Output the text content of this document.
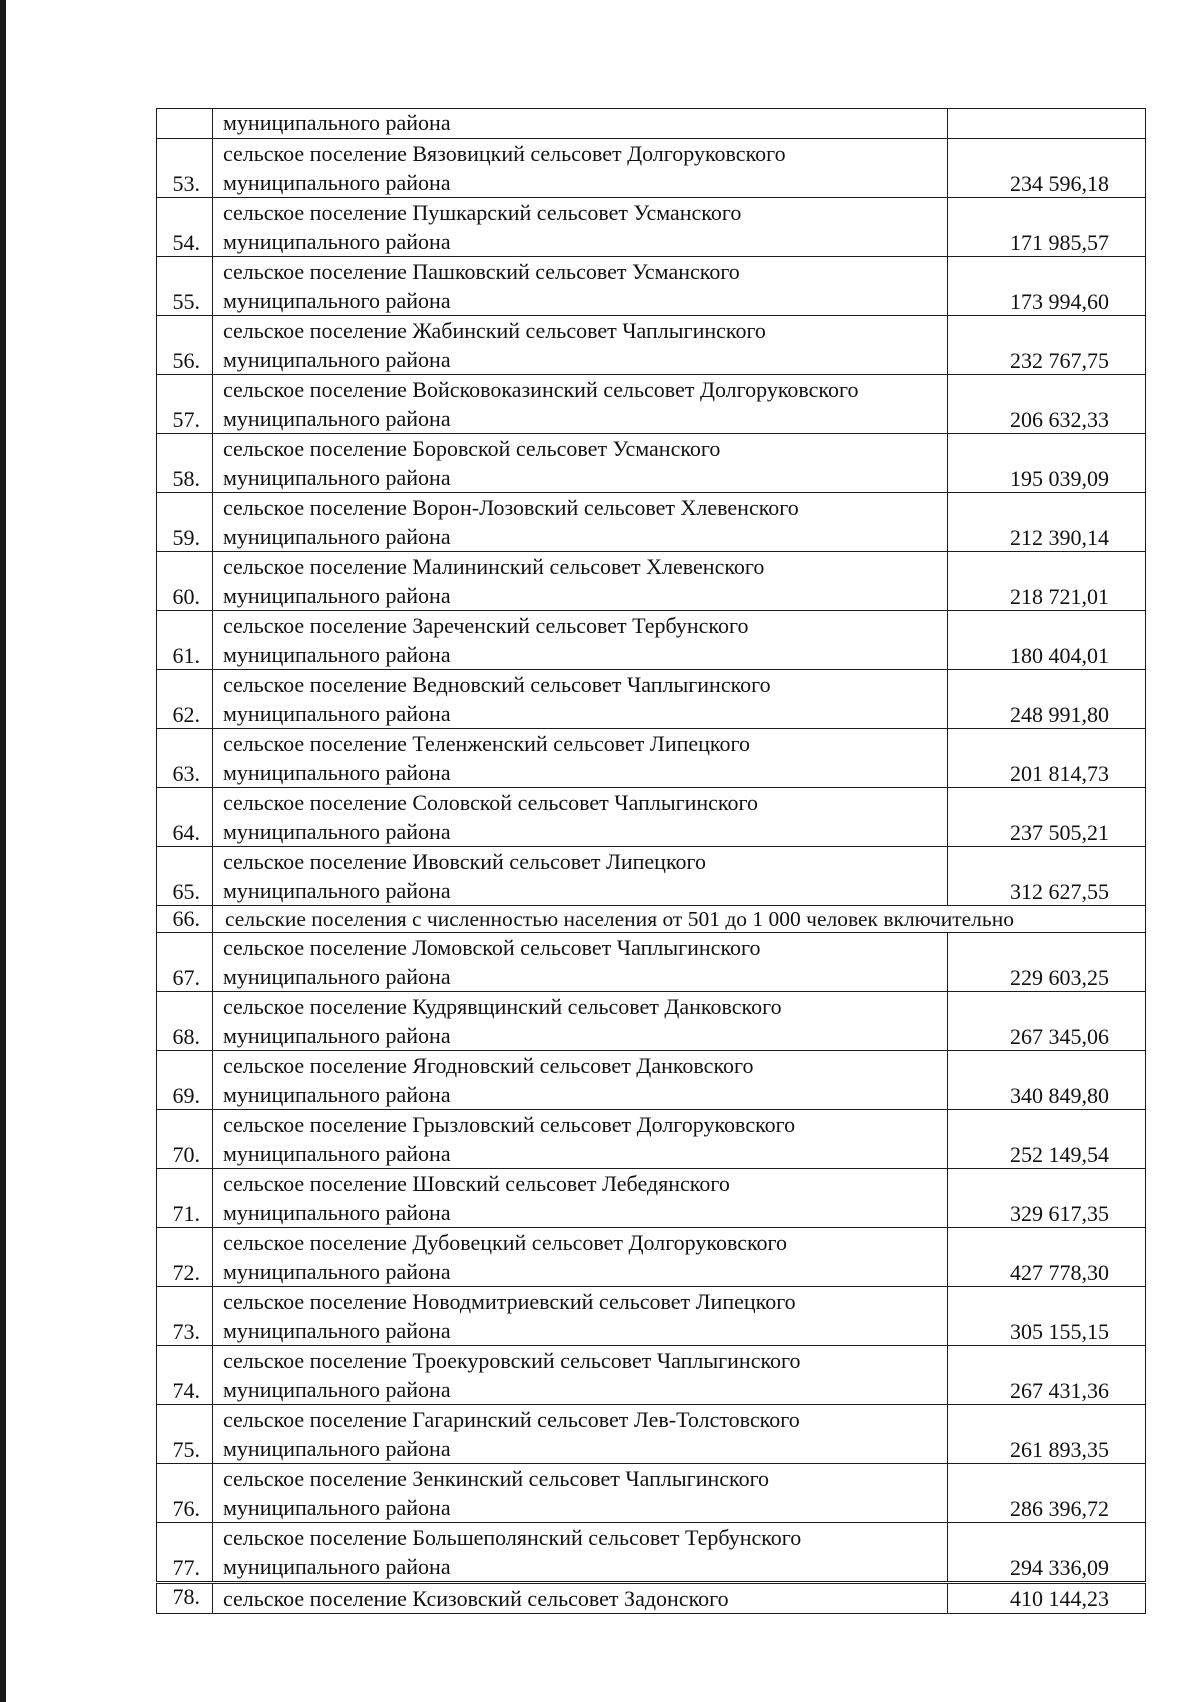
	муниципального района	

53.	сельское поселение Вязовицкий сельсовет Долгоруковского
муниципального района	234 596,18
54.	сельское поселение Пушкарский сельсовет Усманского
муниципального района	171 985,57
55.	сельское поселение Пашковский сельсовет Усманского
муниципального района	173 994,60
56.	сельское поселение Жабинский сельсовет Чаплыгинского
муниципального района	232 767,75
57.	сельское поселение Войсковоказинский сельсовет Долгоруковского
муниципального района	206 632,33
58.	сельское поселение Боровской сельсовет Усманского
муниципального района	195 039,09
59.	сельское поселение Ворон-Лозовский сельсовет Хлевенского
муниципального района	212 390,14
60.	сельское поселение Малининский сельсовет Хлевенского
муниципального района	218 721,01
61.	сельское поселение Зареченский сельсовет Тербунского
муниципального района	180 404,01
62.	сельское поселение Ведновский сельсовет Чаплыгинского
муниципального района	248 991,80
63.	сельское поселение Теленженский сельсовет Липецкого
муниципального района	201 814,73
64.	сельское поселение Соловской сельсовет Чаплыгинского
муниципального района	237 505,21
65.	сельское поселение Ивовский сельсовет Липецкого
муниципального района	312 627,55
66.	сельские поселения с численностью населения от 501 до 1 000 человек включительно	
67.	сельское поселение Ломовской сельсовет Чаплыгинского
муниципального района	229 603,25
68.	сельское поселение Кудрявщинский сельсовет Данковского
муниципального района	267 345,06
69.	сельское поселение Ягодновский сельсовет Данковского
муниципального района	340 849,80
70.	сельское поселение Грызловский сельсовет Долгоруковского
муниципального района	252 149,54
71.	сельское поселение Шовский сельсовет Лебедянского
муниципального района	329 617,35
72.	сельское поселение Дубовецкий сельсовет Долгоруковского
муниципального района	427 778,30
73.	сельское поселение Новодмитриевский сельсовет Липецкого
муниципального района	305 155,15
74.	сельское поселение Троекуровский сельсовет Чаплыгинского
муниципального района	267 431,36
75.	сельское поселение Гагаринский сельсовет Лев-Толстовского
муниципального района	261 893,35
76.	сельское поселение Зенкинский сельсовет Чаплыгинского
муниципального района	286 396,72
77.	сельское поселение Большеполянский сельсовет Тербунского
муниципального района	294 336,09
78.	сельское поселение Ксизовский сельсовет Задонского	410 144,23
